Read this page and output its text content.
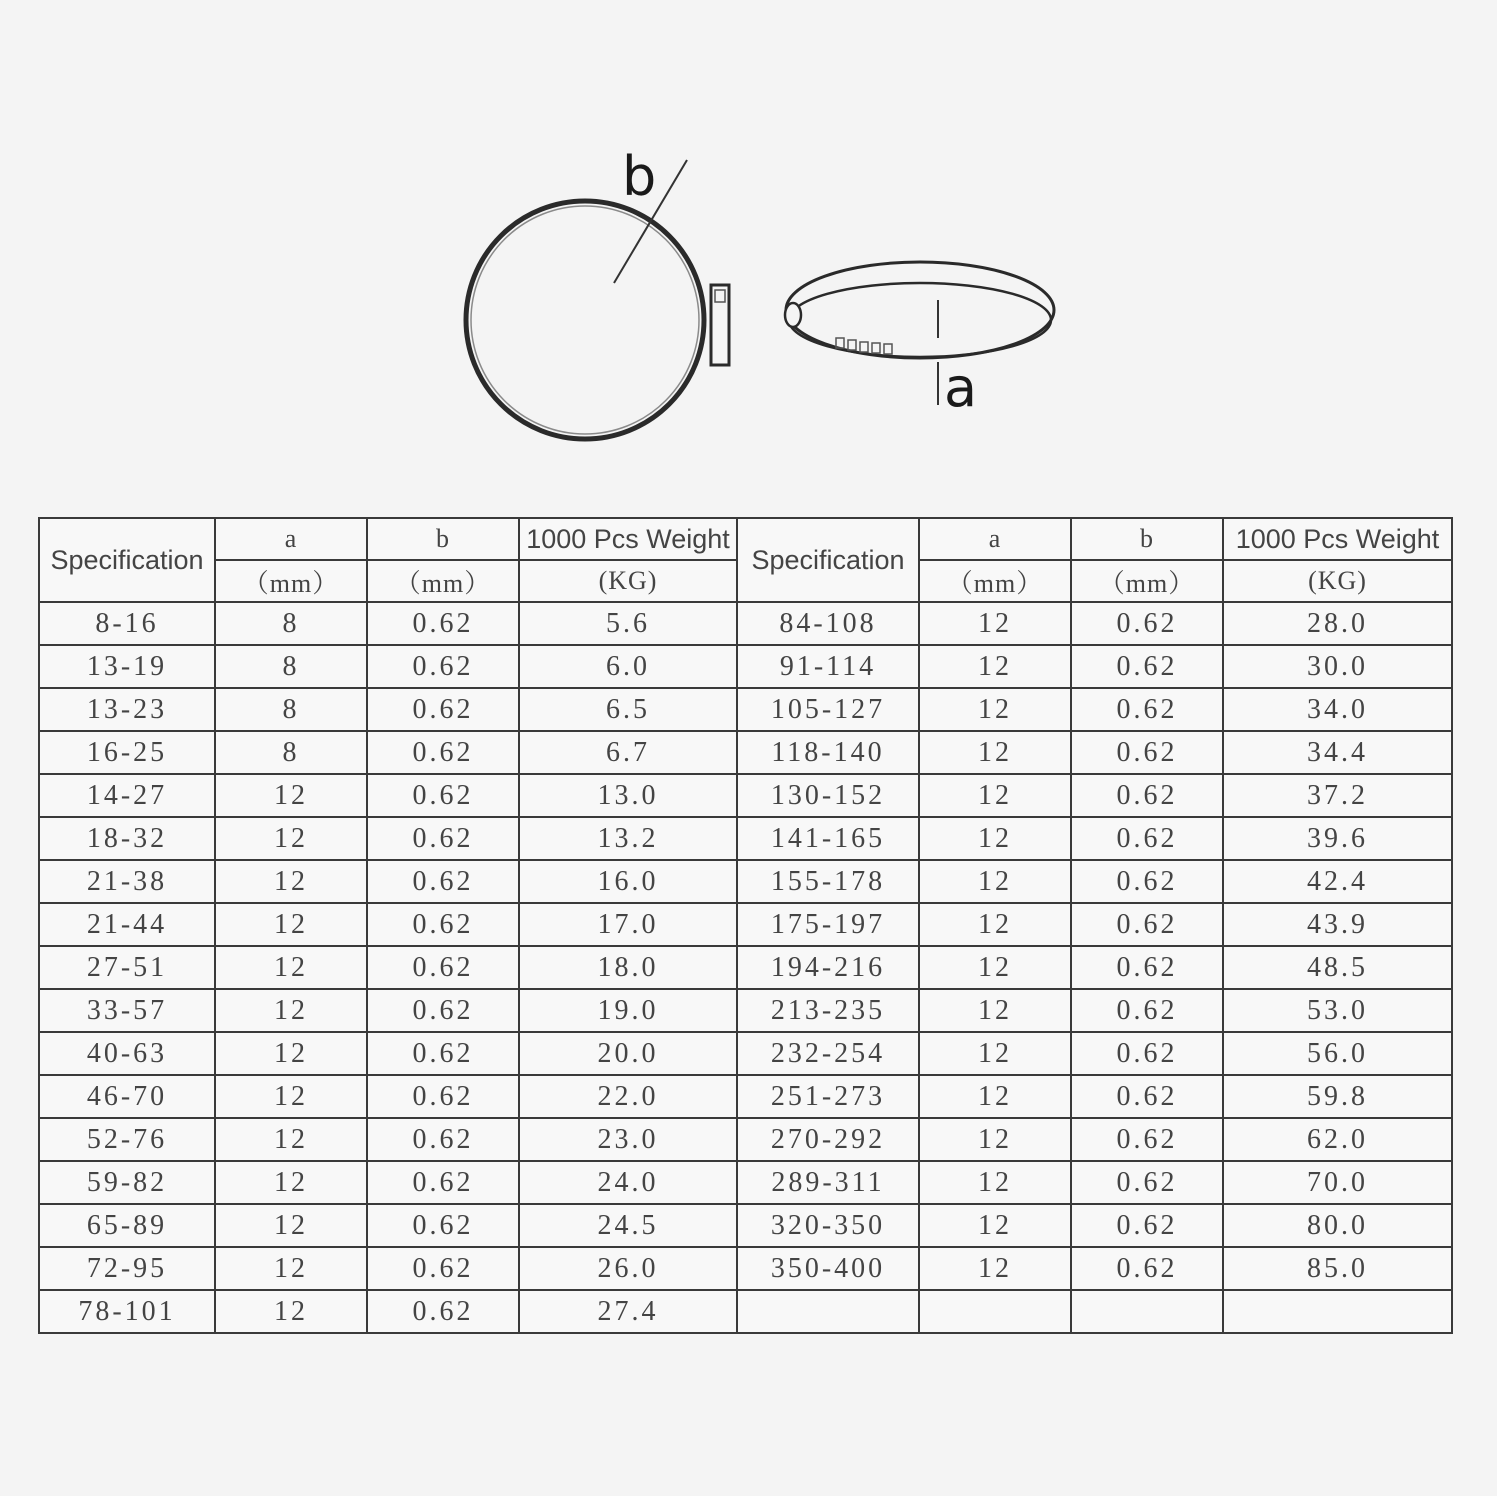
b
a
Specification	a	b	1000 Pcs Weight	Specification	a	b	1000 Pcs Weight
	（mm）	（mm）	(KG)		（mm）	（mm）	(KG)
8-16	8	0.62	5.6	84-108	12	0.62	28.0
13-19	8	0.62	6.0	91-114	12	0.62	30.0
13-23	8	0.62	6.5	105-127	12	0.62	34.0
16-25	8	0.62	6.7	118-140	12	0.62	34.4
14-27	12	0.62	13.0	130-152	12	0.62	37.2
18-32	12	0.62	13.2	141-165	12	0.62	39.6
21-38	12	0.62	16.0	155-178	12	0.62	42.4
21-44	12	0.62	17.0	175-197	12	0.62	43.9
27-51	12	0.62	18.0	194-216	12	0.62	48.5
33-57	12	0.62	19.0	213-235	12	0.62	53.0
40-63	12	0.62	20.0	232-254	12	0.62	56.0
46-70	12	0.62	22.0	251-273	12	0.62	59.8
52-76	12	0.62	23.0	270-292	12	0.62	62.0
59-82	12	0.62	24.0	289-311	12	0.62	70.0
65-89	12	0.62	24.5	320-350	12	0.62	80.0
72-95	12	0.62	26.0	350-400	12	0.62	85.0
78-101	12	0.62	27.4				
